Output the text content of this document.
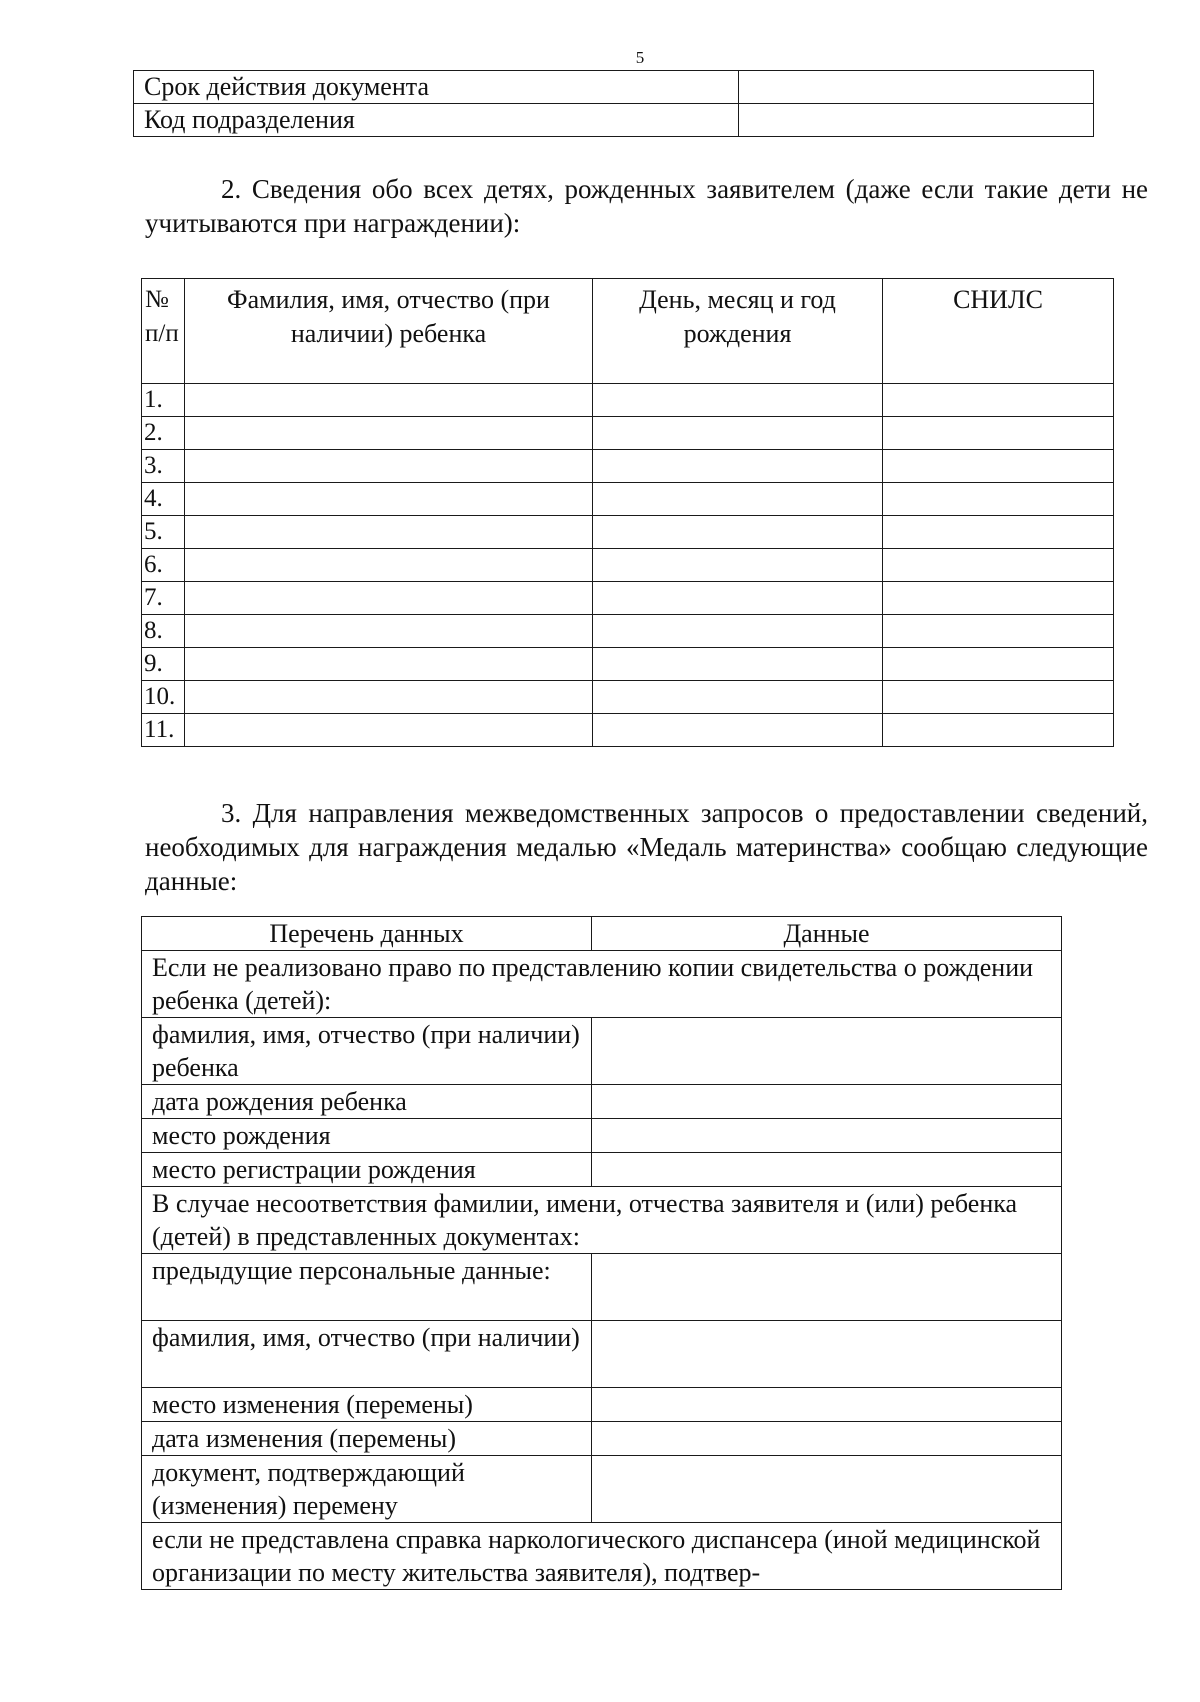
5
Срок действия документа	
Код подразделения	

2. Сведения обо всех детях, рожденных заявителем (даже если такие дети не учитываются при награждении):

№ п/п	Фамилия, имя, отчество (при наличии) ребенка	День, месяц и год рождения	СНИЛС
1.			
2.			
3.			
4.			
5.			
6.			
7.			
8.			
9.			
10.			
11.			

3. Для направления межведомственных запросов о предоставлении сведений, необходимых для награждения медалью «Медаль материнства» сообщаю следующие данные:

Перечень данных	Данные
Если не реализовано право по представлению копии свидетельства о рождении ребенка (детей):	
фамилия, имя, отчество (при наличии) ребенка	
дата рождения ребенка	
место рождения	
место регистрации рождения	
В случае несоответствия фамилии, имени, отчества заявителя и (или) ребенка (детей) в представленных документах:	
предыдущие персональные данные:	
фамилия, имя, отчество (при наличии)	
место изменения (перемены)	
дата изменения (перемены)	
документ, подтверждающий (изменения) перемену	
если не представлена справка наркологического диспансера (иной медицинской организации по месту жительства заявителя), подтвер-	
